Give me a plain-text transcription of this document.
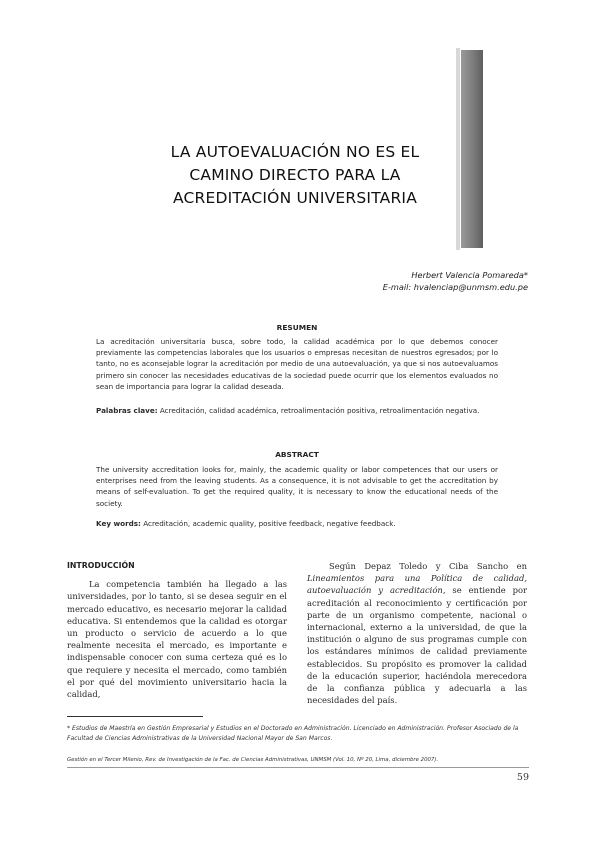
LA AUTOEVALUACIÓN NO ES EL
CAMINO DIRECTO PARA LA
ACREDITACIÓN UNIVERSITARIA
Herbert Valencia Pomareda*
E-mail: hvalenciap@unmsm.edu.pe
RESUMEN
La acreditación universitaria busca, sobre todo, la calidad académica por lo que debemos conocer previamente las competencias laborales que los usuarios o empresas necesitan de nuestros egresados; por lo tanto, no es aconsejable lograr la acreditación por medio de una autoevaluación, ya que si nos autoevaluamos primero sin conocer las necesidades educativas de la sociedad puede ocurrir que los elementos evaluados no sean de importancia para lograr la calidad deseada.
Palabras clave: Acreditación, calidad académica, retroalimentación positiva, retroalimentación negativa.
ABSTRACT
The university accreditation looks for, mainly, the academic quality or labor competences that our users or enterprises need from the leaving students. As a consequence, it is not advisable to get the accreditation by means of self-evaluation. To get the required quality, it is necessary to know the educational needs of the society.
Key words: Acreditación, academic quality, positive feedback, negative feedback.
INTRODUCCIÓN
La competencia también ha llegado a las universidades, por lo tanto, si se desea seguir en el mercado educativo, es necesario mejorar la calidad educativa. Si entendemos que la calidad es otorgar un producto o servicio de acuerdo a lo que realmente necesita el mercado, es importante e indispensable conocer con suma certeza qué es lo que requiere y necesita el mercado, como también el por qué del movimiento universitario hacia la calidad,
Según Depaz Toledo y Ciba Sancho en Lineamientos para una Política de calidad, autoevaluación y acreditación, se entiende por acreditación al reconocimiento y certificación por parte de un organismo competente, nacional o internacional, externo a la universidad, de que la institución o alguno de sus programas cumple con los estándares mínimos de calidad previamente establecidos. Su propósito es promover la calidad de la educación superior, haciéndola merecedora de la confianza pública y adecuarla a las necesidades del país.
* Estudios de Maestría en Gestión Empresarial y Estudios en el Doctorado en Administración. Licenciado en Administración. Profesor Asociado de la Facultad de Ciencias Administrativas de la Universidad Nacional Mayor de San Marcos.
Gestión en el Tercer Milenio, Rev. de Investigación de la Fac. de Ciencias Administrativas, UNMSM (Vol. 10, Nº 20, Lima, diciembre 2007).
59
